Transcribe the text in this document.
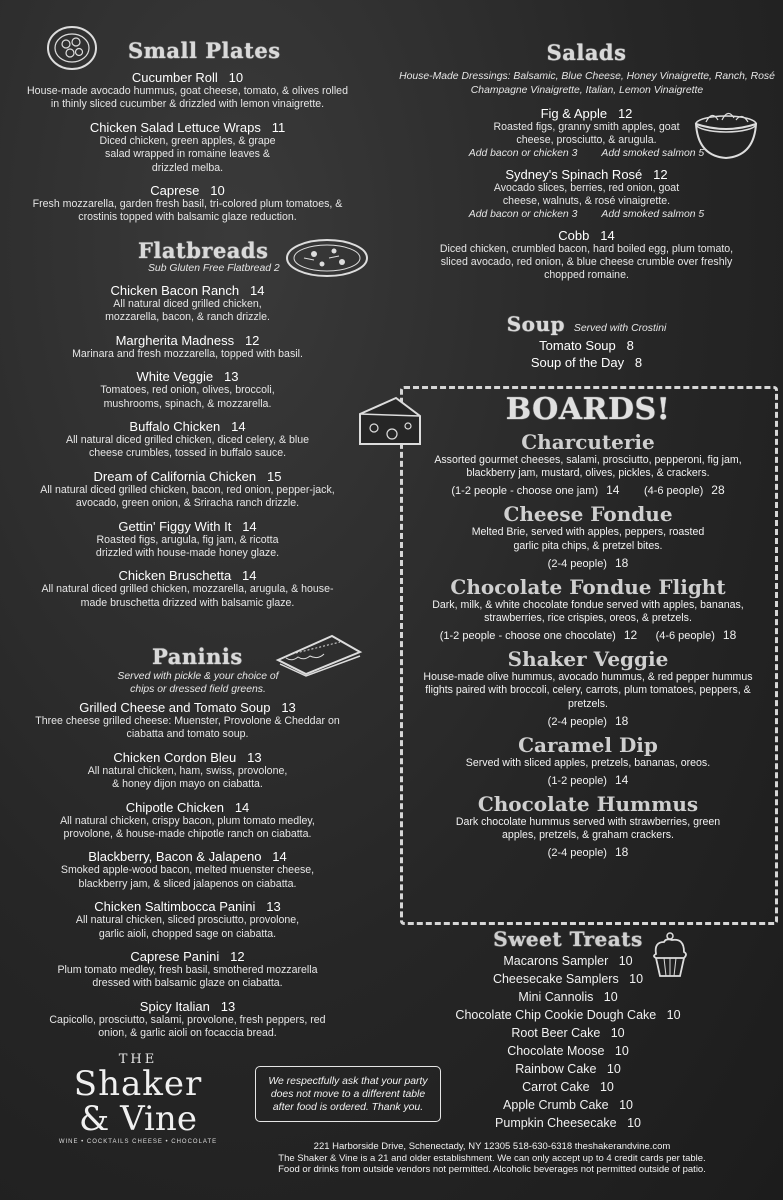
Small Plates
Cucumber Roll 10
House-made avocado hummus, goat cheese, tomato, & olives rolled in thinly sliced cucumber & drizzled with lemon vinaigrette.
Chicken Salad Lettuce Wraps 11
Diced chicken, green apples, & grape salad wrapped in romaine leaves & drizzled melba.
Caprese 10
Fresh mozzarella, garden fresh basil, tri-colored plum tomatoes, & crostinis topped with balsamic glaze reduction.
Flatbreads
Sub Gluten Free Flatbread 2
Chicken Bacon Ranch 14
All natural diced grilled chicken, mozzarella, bacon, & ranch drizzle.
Margherita Madness 12
Marinara and fresh mozzarella, topped with basil.
White Veggie 13
Tomatoes, red onion, olives, broccoli, mushrooms, spinach, & mozzarella.
Buffalo Chicken 14
All natural diced grilled chicken, diced celery, & blue cheese crumbles, tossed in buffalo sauce.
Dream of California Chicken 15
All natural diced grilled chicken, bacon, red onion, pepper-jack, avocado, green onion, & Sriracha ranch drizzle.
Gettin' Figgy With It 14
Roasted figs, arugula, fig jam, & ricotta drizzled with house-made honey glaze.
Chicken Bruschetta 14
All natural diced grilled chicken, mozzarella, arugula, & house-made bruschetta drizzed with balsamic glaze.
Paninis
Served with pickle & your choice of chips or dressed field greens.
Grilled Cheese and Tomato Soup 13
Three cheese grilled cheese: Muenster, Provolone & Cheddar on ciabatta and tomato soup.
Chicken Cordon Bleu 13
All natural chicken, ham, swiss, provolone, & honey dijon mayo on ciabatta.
Chipotle Chicken 14
All natural chicken, crispy bacon, plum tomato medley, provolone, & house-made chipotle ranch on ciabatta.
Blackberry, Bacon & Jalapeno 14
Smoked apple-wood bacon, melted muenster cheese, blackberry jam, & sliced jalapenos on ciabatta.
Chicken Saltimbocca Panini 13
All natural chicken, sliced prosciutto, provolone, garlic aioli, chopped sage on ciabatta.
Caprese Panini 12
Plum tomato medley, fresh basil, smothered mozzarella dressed with balsamic glaze on ciabatta.
Spicy Italian 13
Capicollo, prosciutto, salami, provolone, fresh peppers, red onion, & garlic aioli on focaccia bread.
Salads
House-Made Dressings: Balsamic, Blue Cheese, Honey Vinaigrette, Ranch, Rosé Champagne Vinaigrette, Italian, Lemon Vinaigrette
Fig & Apple 12
Roasted figs, granny smith apples, goat cheese, prosciutto, & arugula.
Add bacon or chicken 3 Add smoked salmon 5
Sydney's Spinach Rosé 12
Avocado slices, berries, red onion, goat cheese, walnuts, & rosé vinaigrette.
Add bacon or chicken 3 Add smoked salmon 5
Cobb 14
Diced chicken, crumbled bacon, hard boiled egg, plum tomato, sliced avocado, red onion, & blue cheese crumble over freshly chopped romaine.
Soup Served with Crostini
Tomato Soup 8
Soup of the Day 8
BOARDS!
Charcuterie
Assorted gourmet cheeses, salami, prosciutto, pepperoni, fig jam, blackberry jam, mustard, olives, pickles, & crackers.
(1-2 people - choose one jam) 14 (4-6 people) 28
Cheese Fondue
Melted Brie, served with apples, peppers, roasted garlic pita chips, & pretzel bites.
(2-4 people) 18
Chocolate Fondue Flight
Dark, milk, & white chocolate fondue served with apples, bananas, strawberries, rice crispies, oreos, & pretzels.
(1-2 people - choose one chocolate) 12 (4-6 people) 18
Shaker Veggie
House-made olive hummus, avocado hummus, & red pepper hummus flights paired with broccoli, celery, carrots, plum tomatoes, peppers, & pretzels.
(2-4 people) 18
Caramel Dip
Served with sliced apples, pretzels, bananas, oreos.
(1-2 people) 14
Chocolate Hummus
Dark chocolate hummus served with strawberries, green apples, pretzels, & graham crackers.
(2-4 people) 18
Sweet Treats
Macarons Sampler 10
Cheesecake Samplers 10
Mini Cannolis 10
Chocolate Chip Cookie Dough Cake 10
Root Beer Cake 10
Chocolate Moose 10
Rainbow Cake 10
Carrot Cake 10
Apple Crumb Cake 10
Pumpkin Cheesecake 10
THE
Shaker
& Vine
WINE • COCKTAILS CHEESE • CHOCOLATE
We respectfully ask that your party does not move to a different table after food is ordered. Thank you.
221 Harborside Drive, Schenectady, NY 12305 518-630-6318 theshakerandvine.com
The Shaker & Vine is a 21 and older establishment. We can only accept up to 4 credit cards per table.
Food or drinks from outside vendors not permitted. Alcoholic beverages not permitted outside of patio.
